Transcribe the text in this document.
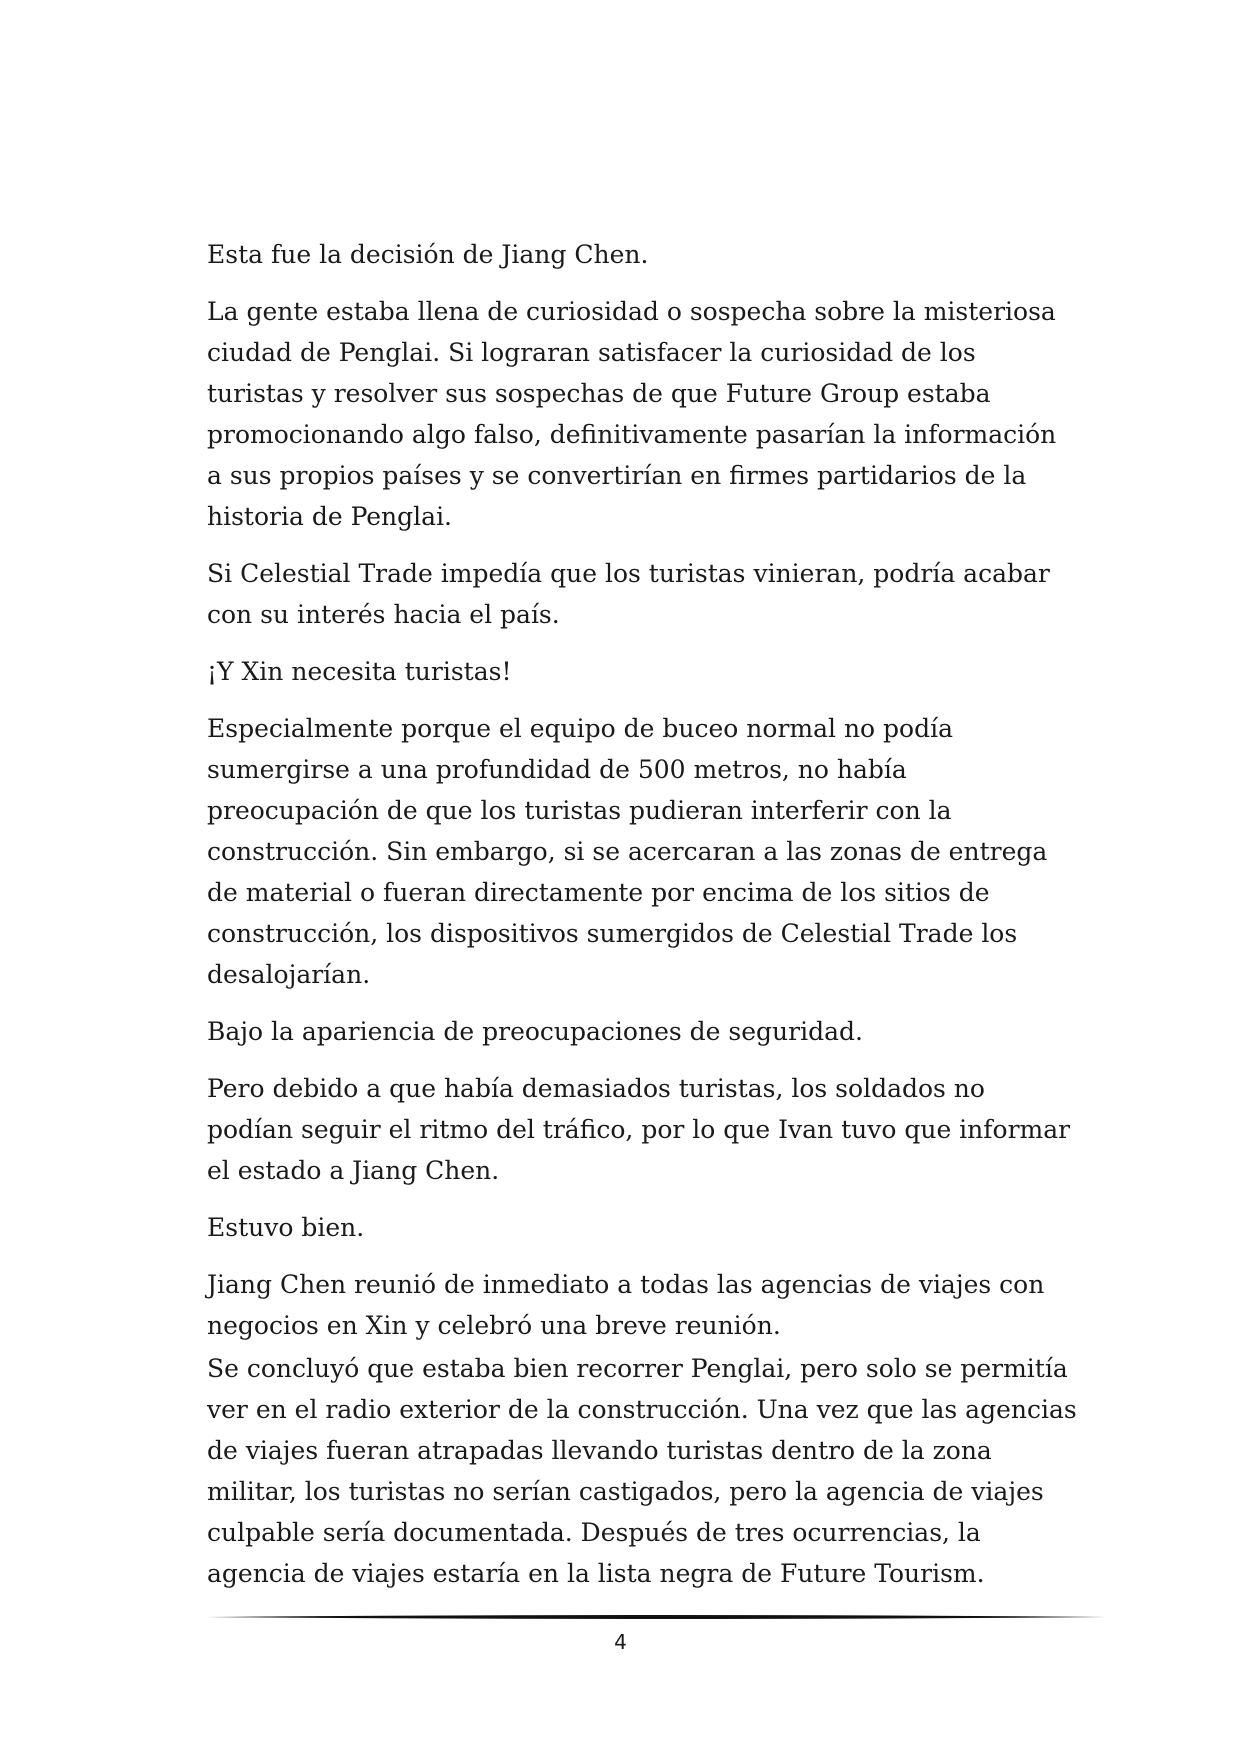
Esta fue la decisión de Jiang Chen.

La gente estaba llena de curiosidad o sospecha sobre la misteriosa ciudad de Penglai. Si lograran satisfacer la curiosidad de los turistas y resolver sus sospechas de que Future Group estaba promocionando algo falso, definitivamente pasarían la información a sus propios países y se convertirían en firmes partidarios de la historia de Penglai.

Si Celestial Trade impedía que los turistas vinieran, podría acabar con su interés hacia el país.

¡Y Xin necesita turistas!

Especialmente porque el equipo de buceo normal no podía sumergirse a una profundidad de 500 metros, no había preocupación de que los turistas pudieran interferir con la construcción. Sin embargo, si se acercaran a las zonas de entrega de material o fueran directamente por encima de los sitios de construcción, los dispositivos sumergidos de Celestial Trade los desalojarían.

Bajo la apariencia de preocupaciones de seguridad.

Pero debido a que había demasiados turistas, los soldados no podían seguir el ritmo del tráfico, por lo que Ivan tuvo que informar el estado a Jiang Chen.

Estuvo bien.

Jiang Chen reunió de inmediato a todas las agencias de viajes con negocios en Xin y celebró una breve reunión.

Se concluyó que estaba bien recorrer Penglai, pero solo se permitía ver en el radio exterior de la construcción. Una vez que las agencias de viajes fueran atrapadas llevando turistas dentro de la zona militar, los turistas no serían castigados, pero la agencia de viajes culpable sería documentada. Después de tres ocurrencias, la agencia de viajes estaría en la lista negra de Future Tourism.

4
